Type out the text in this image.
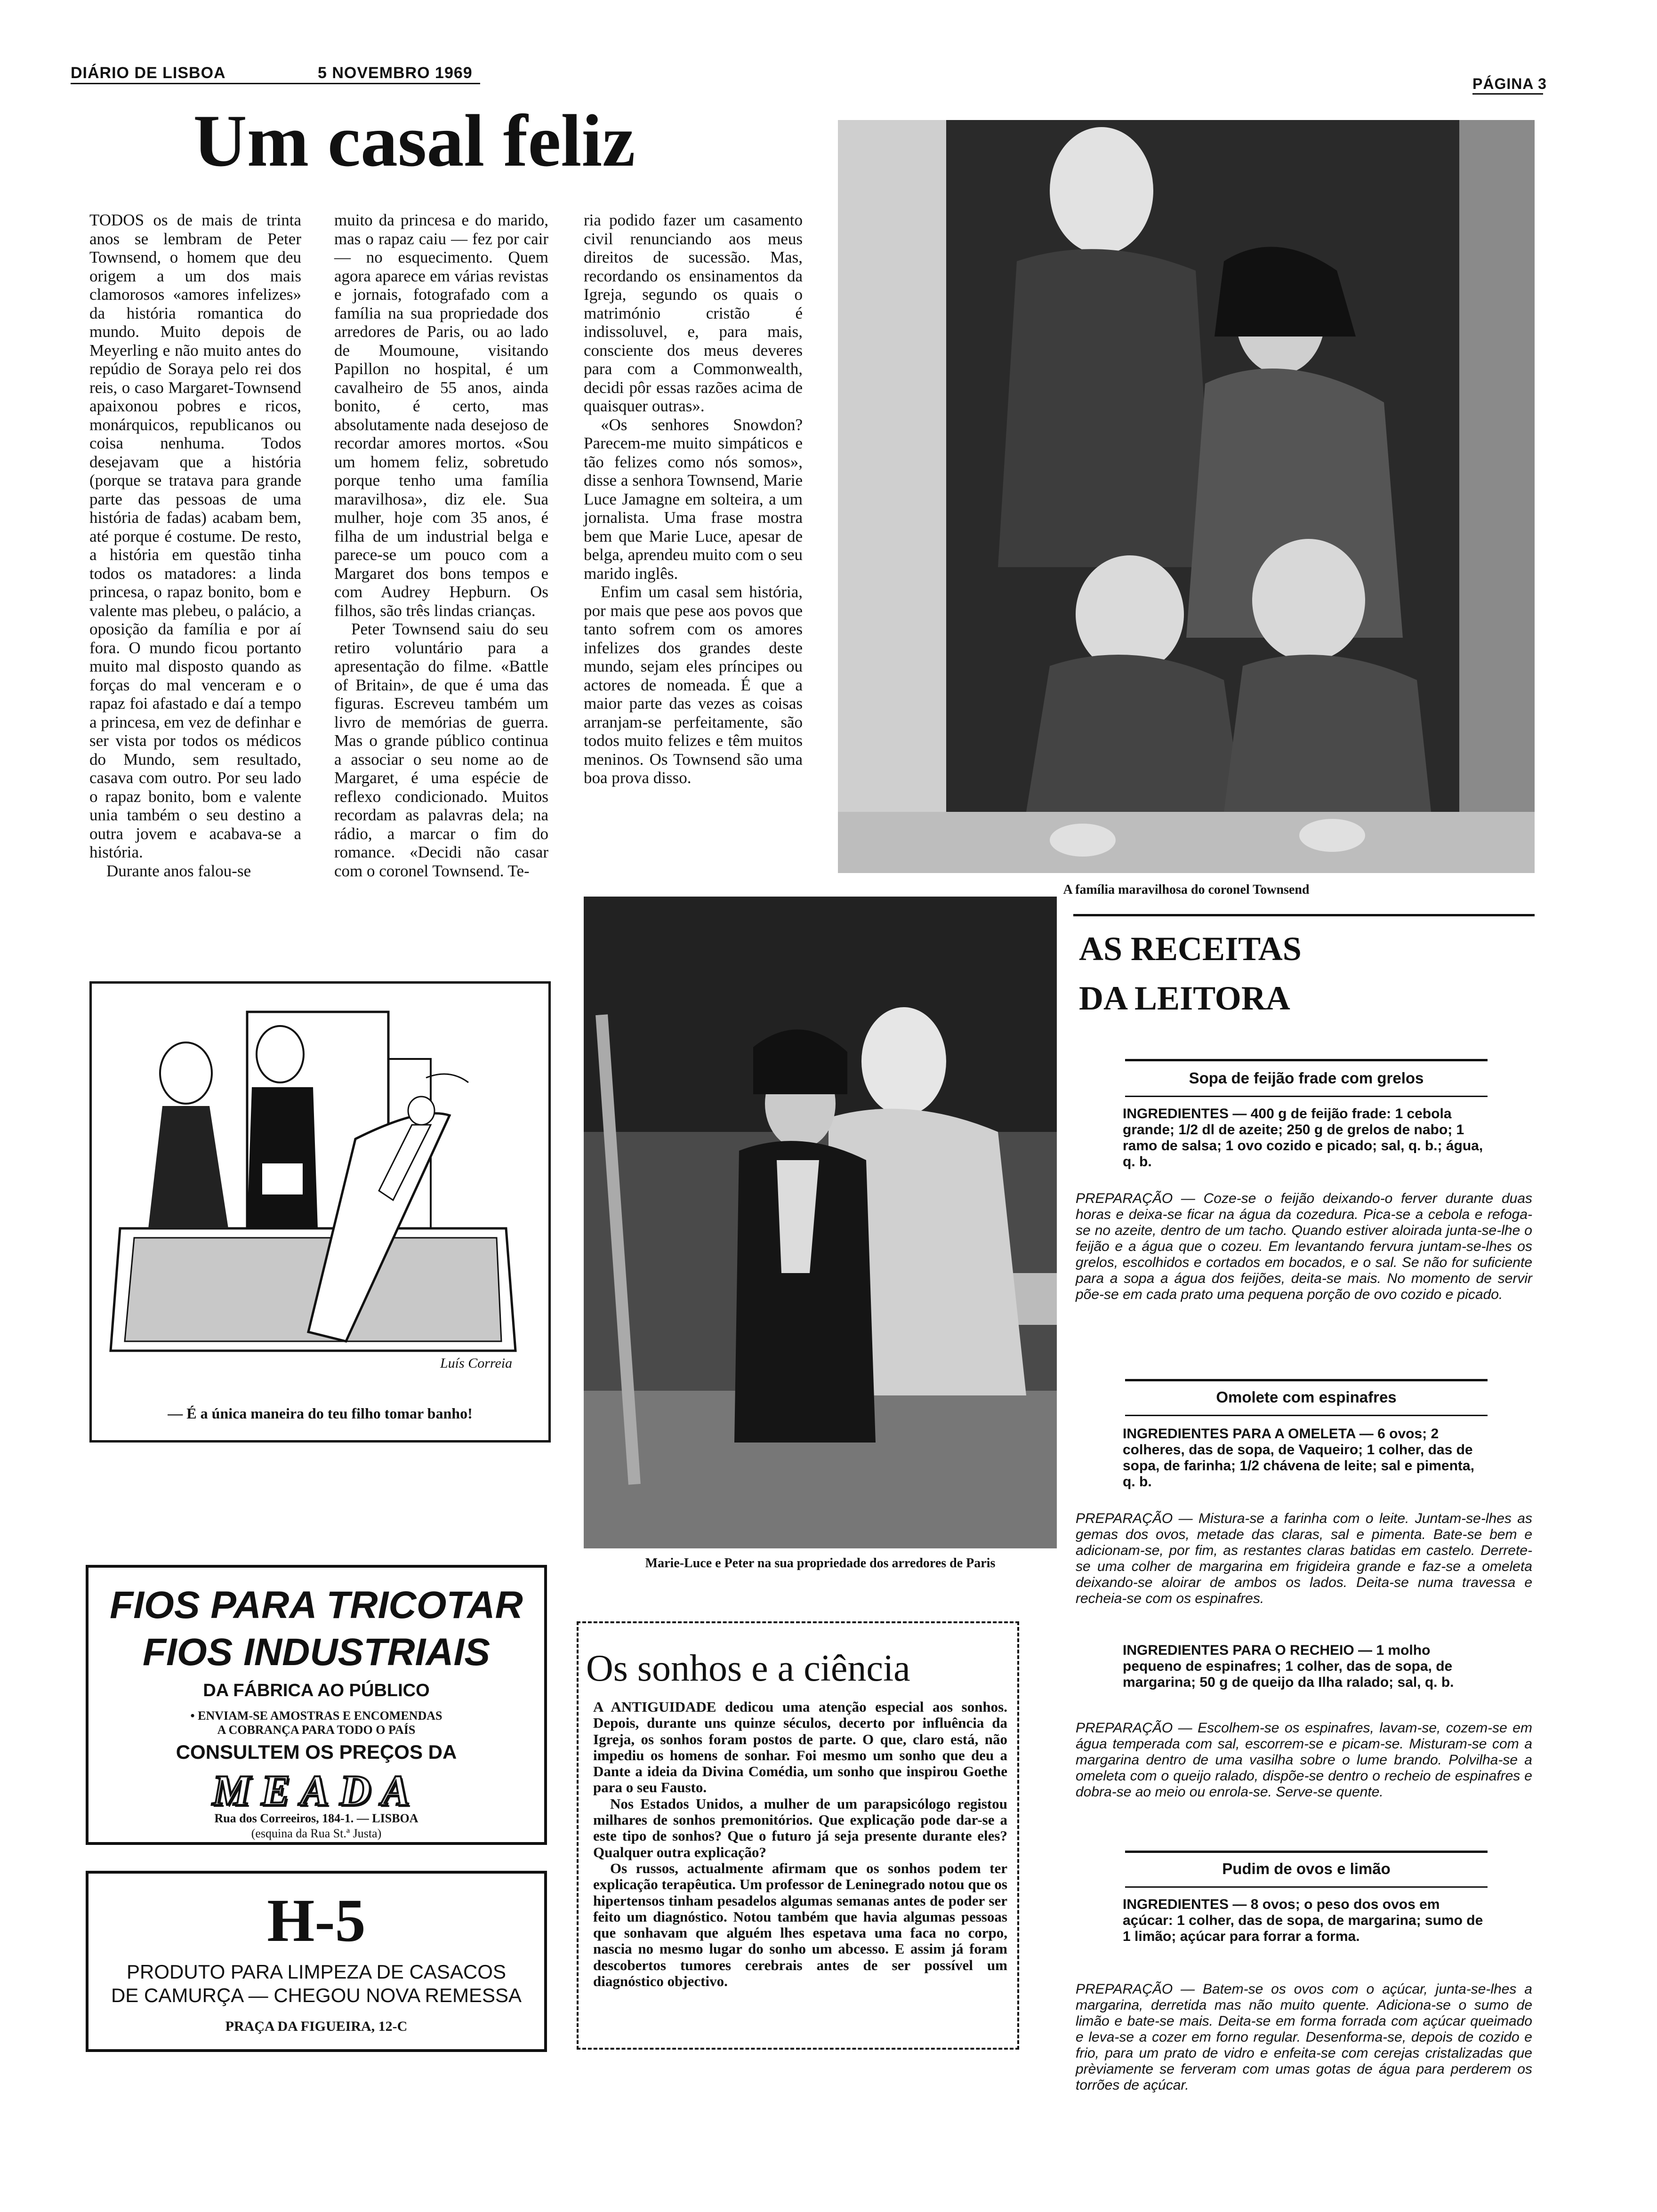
DIÁRIO DE LISBOA	5 NOVEMBRO 1969
PÁGINA 3
Um casal feliz

TODOS os de mais de trinta anos se lembram de Peter Townsend, o homem que deu origem a um dos mais clamorosos «amores infelizes» da história romantica do mundo. Muito depois de Meyerling e não muito antes do repúdio de Soraya pelo rei dos reis, o caso Margaret-Townsend apaixonou pobres e ricos, monárquicos, republicanos ou coisa nenhuma. Todos desejavam que a história (porque se tratava para grande parte das pessoas de uma história de fadas) acabam bem, até porque é costume. De resto, a história em questão tinha todos os matadores: a linda princesa, o rapaz bonito, bom e valente mas plebeu, o palácio, a oposição da família e por aí fora. O mundo ficou portanto muito mal disposto quando as forças do mal venceram e o rapaz foi afastado e daí a tempo a princesa, em vez de definhar e ser vista por todos os médicos do Mundo, sem resultado, casava com outro. Por seu lado o rapaz bonito, bom e valente unia também o seu destino a outra jovem e acabava-se a história.

Durante anos falou-se

muito da princesa e do marido, mas o rapaz caiu — fez por cair — no esquecimento. Quem agora aparece em várias revistas e jornais, fotografado com a família na sua propriedade dos arredores de Paris, ou ao lado de Moumoune, visitando Papillon no hospital, é um cavalheiro de 55 anos, ainda bonito, é certo, mas absolutamente nada desejoso de recordar amores mortos. «Sou um homem feliz, sobretudo porque tenho uma família maravilhosa», diz ele. Sua mulher, hoje com 35 anos, é filha de um industrial belga e parece-se um pouco com a Margaret dos bons tempos e com Audrey Hepburn. Os filhos, são três lindas crianças.

Peter Townsend saiu do seu retiro voluntário para a apresentação do filme. «Battle of Britain», de que é uma das figuras. Escreveu também um livro de memórias de guerra. Mas o grande público continua a associar o seu nome ao de Margaret, é uma espécie de reflexo condicionado. Muitos recordam as palavras dela; na rádio, a marcar o fim do romance. «Decidi não casar com o coronel Townsend. Te-

ria podido fazer um casamento civil renunciando aos meus direitos de sucessão. Mas, recordando os ensinamentos da Igreja, segundo os quais o matrimónio cristão é indissoluvel, e, para mais, consciente dos meus deveres para com a Commonwealth, decidi pôr essas razões acima de quaisquer outras».

«Os senhores Snowdon? Parecem-me muito simpáticos e tão felizes como nós somos», disse a senhora Townsend, Marie Luce Jamagne em solteira, a um jornalista. Uma frase mostra bem que Marie Luce, apesar de belga, aprendeu muito com o seu marido inglês.

Enfim um casal sem história, por mais que pese aos povos que tanto sofrem com os amores infelizes dos grandes deste mundo, sejam eles príncipes ou actores de nomeada. É que a maior parte das vezes as coisas arranjam-se perfeitamente, são todos muito felizes e têm muitos meninos. Os Townsend são uma boa prova disso.

A família maravilhosa do coronel Townsend
Marie-Luce e Peter na sua propriedade dos arredores de Paris
Luís Correia
— É a única maneira do teu filho tomar banho!
FIOS PARA TRICOTAR
FIOS INDUSTRIAIS
DA FÁBRICA AO PÚBLICO
• ENVIAM-SE AMOSTRAS E ENCOMENDAS
A COBRANÇA PARA TODO O PAÍS
CONSULTEM OS PREÇOS DA
MEADA
Rua dos Correeiros, 184-1. — LISBOA
(esquina da Rua St.ª Justa)
H-5
PRODUTO PARA LIMPEZA DE CASACOS
DE CAMURÇA — CHEGOU NOVA REMESSA
PRAÇA DA FIGUEIRA, 12-C
Os sonhos e a ciência

A ANTIGUIDADE dedicou uma atenção especial aos sonhos. Depois, durante uns quinze séculos, decerto por influência da Igreja, os sonhos foram postos de parte. O que, claro está, não impediu os homens de sonhar. Foi mesmo um sonho que deu a Dante a ideia da Divina Comédia, um sonho que inspirou Goethe para o seu Fausto.

Nos Estados Unidos, a mulher de um parapsicólogo registou milhares de sonhos premonitórios. Que explicação pode dar-se a este tipo de sonhos? Que o futuro já seja presente durante eles? Qualquer outra explicação?

Os russos, actualmente afirmam que os sonhos podem ter explicação terapêutica. Um professor de Leninegrado notou que os hipertensos tinham pesadelos algumas semanas antes de poder ser feito um diagnóstico. Notou também que havia algumas pessoas que sonhavam que alguém lhes espetava uma faca no corpo, nascia no mesmo lugar do sonho um abcesso. E assim já foram descobertos tumores cerebrais antes de ser possível um diagnóstico objectivo.

AS RECEITAS
DA LEITORA
Sopa de feijão frade com grelos
INGREDIENTES — 400 g de feijão frade: 1 cebola grande; 1/2 dl de azeite; 250 g de grelos de nabo; 1 ramo de salsa; 1 ovo cozido e picado; sal, q. b.; água, q. b.
PREPARAÇÃO — Coze-se o feijão deixando-o ferver durante duas horas e deixa-se ficar na água da cozedura. Pica-se a cebola e refoga-se no azeite, dentro de um tacho. Quando estiver aloirada junta-se-lhe o feijão e a água que o cozeu. Em levantando fervura juntam-se-lhes os grelos, escolhidos e cortados em bocados, e o sal. Se não for suficiente para a sopa a água dos feijões, deita-se mais. No momento de servir põe-se em cada prato uma pequena porção de ovo cozido e picado.
Omolete com espinafres
INGREDIENTES PARA A OMELETA — 6 ovos; 2 colheres, das de sopa, de Vaqueiro; 1 colher, das de sopa, de farinha; 1/2 chávena de leite; sal e pimenta, q. b.
PREPARAÇÃO — Mistura-se a farinha com o leite. Juntam-se-lhes as gemas dos ovos, metade das claras, sal e pimenta. Bate-se bem e adicionam-se, por fim, as restantes claras batidas em castelo. Derrete-se uma colher de margarina em frigideira grande e faz-se a omeleta deixando-se aloirar de ambos os lados. Deita-se numa travessa e recheia-se com os espinafres.
INGREDIENTES PARA O RECHEIO — 1 molho pequeno de espinafres; 1 colher, das de sopa, de margarina; 50 g de queijo da Ilha ralado; sal, q. b.
PREPARAÇÃO — Escolhem-se os espinafres, lavam-se, cozem-se em água temperada com sal, escorrem-se e picam-se. Misturam-se com a margarina dentro de uma vasilha sobre o lume brando. Polvilha-se a omeleta com o queijo ralado, dispõe-se dentro o recheio de espinafres e dobra-se ao meio ou enrola-se. Serve-se quente.
Pudim de ovos e limão
INGREDIENTES — 8 ovos; o peso dos ovos em açúcar: 1 colher, das de sopa, de margarina; sumo de 1 limão; açúcar para forrar a forma.
PREPARAÇÃO — Batem-se os ovos com o açúcar, junta-se-lhes a margarina, derretida mas não muito quente. Adiciona-se o sumo de limão e bate-se mais. Deita-se em forma forrada com açúcar queimado e leva-se a cozer em forno regular. Desenforma-se, depois de cozido e frio, para um prato de vidro e enfeita-se com cerejas cristalizadas que prèviamente se ferveram com umas gotas de água para perderem os torrões de açúcar.
